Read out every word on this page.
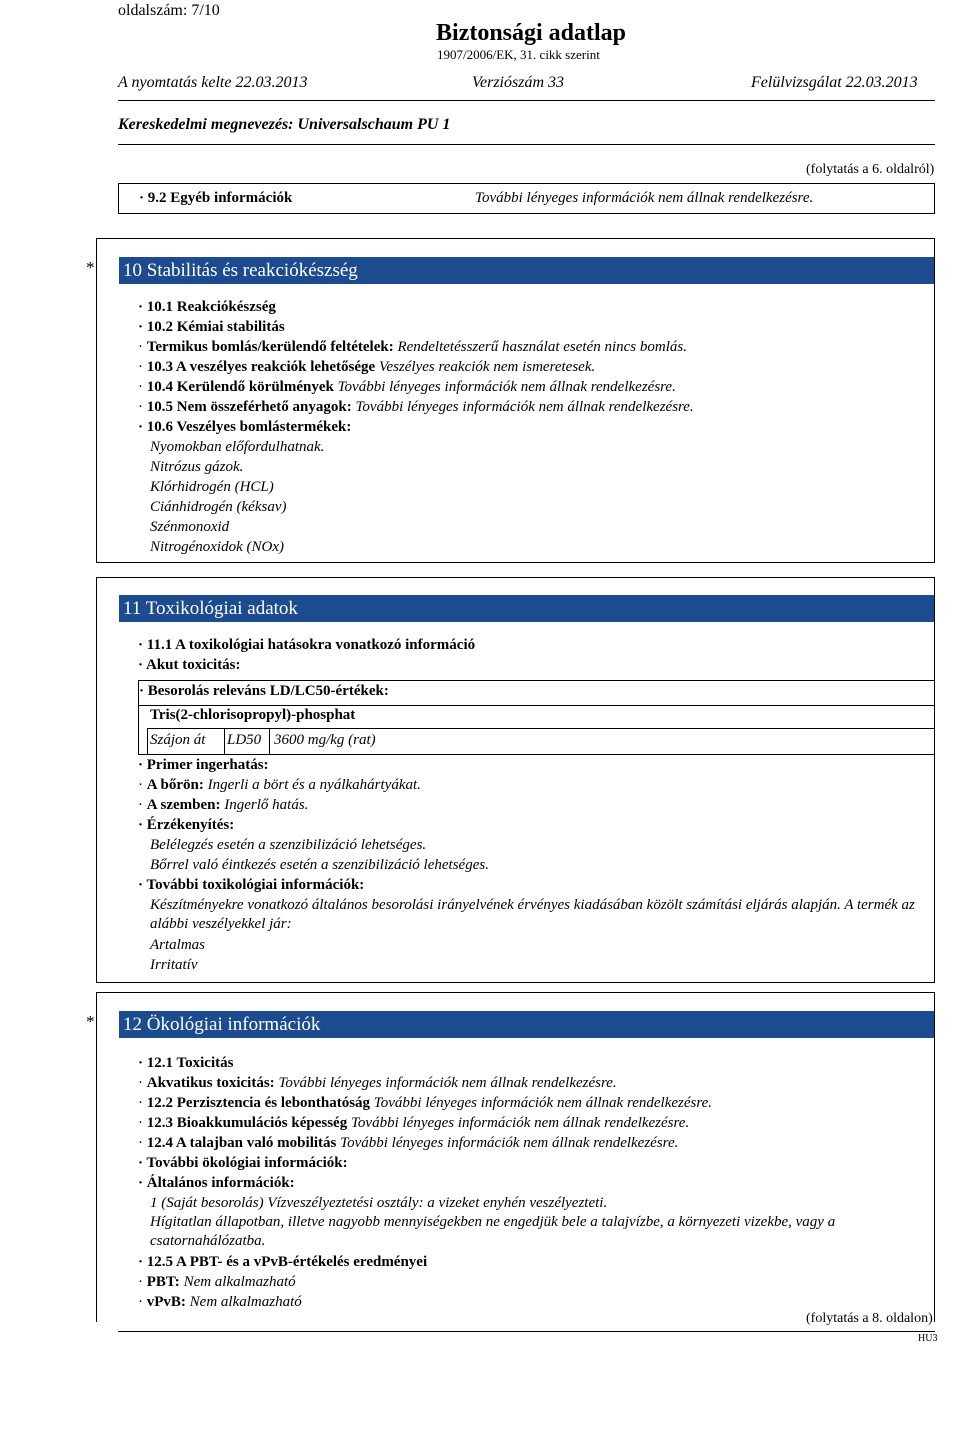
oldalszám: 7/10
Biztonsági adatlap
1907/2006/EK, 31. cikk szerint
A nyomtatás kelte 22.03.2013	Verziószám 33	Felülvizsgálat 22.03.2013
Kereskedelmi megnevezés: Universalschaum PU 1
(folytatás a 6. oldalról)
· 9.2 Egyéb információk	További lényeges információk nem állnak rendelkezésre.
* 10 Stabilitás és reakciókészség
· 10.1 Reakciókészség
· 10.2 Kémiai stabilitás
· Termikus bomlás/kerülendő feltételek: Rendeltetésszerű használat esetén nincs bomlás.
· 10.3 A veszélyes reakciók lehetősége Veszélyes reakciók nem ismeretesek.
· 10.4 Kerülendő körülmények További lényeges információk nem állnak rendelkezésre.
· 10.5 Nem összeférhető anyagok: További lényeges információk nem állnak rendelkezésre.
· 10.6 Veszélyes bomlástermékek:
Nyomokban előfordulhatnak.
Nitrózus gázok.
Klórhidrogén (HCL)
Ciánhidrogén (kéksav)
Szénmonoxid
Nitrogénoxidok (NOx)
11 Toxikológiai adatok
· 11.1 A toxikológiai hatásokra vonatkozó információ
· Akut toxicitás:
· Besorolás releváns LD/LC50-értékek:
Tris(2-chlorisopropyl)-phosphat
Szájon át LD50 3600 mg/kg (rat)
· Primer ingerhatás:
· A bőrön: Ingerli a bört és a nyálkahártyákat.
· A szemben: Ingerlő hatás.
· Érzékenyítés:
Belélegzés esetén a szenzibilizáció lehetséges.
Bőrrel való éintkezés esetén a szenzibilizáció lehetséges.
· További toxikológiai információk:
Készítményekre vonatkozó általános besorolási irányelvének érvényes kiadásában közölt számítási eljárás alapján. A termék az alábbi veszélyekkel jár:
Artalmas
Irritatív
* 12 Ökológiai információk
· 12.1 Toxicitás
· Akvatikus toxicitás: További lényeges információk nem állnak rendelkezésre.
· 12.2 Perzisztencia és lebonthatóság További lényeges információk nem állnak rendelkezésre.
· 12.3 Bioakkumulációs képesség További lényeges információk nem állnak rendelkezésre.
· 12.4 A talajban való mobilitás További lényeges információk nem állnak rendelkezésre.
· További ökológiai információk:
· Általános információk:
1 (Saját besorolás) Vízveszélyeztetési osztály: a vizeket enyhén veszélyezteti.
Hígitatlan állapotban, illetve nagyobb mennyiségekben ne engedjük bele a talajvízbe, a környezeti vizekbe, vagy a csatornahálózatba.
· 12.5 A PBT- és a vPvB-értékelés eredményei
· PBT: Nem alkalmazható
· vPvB: Nem alkalmazható
(folytatás a 8. oldalon)
HU3
